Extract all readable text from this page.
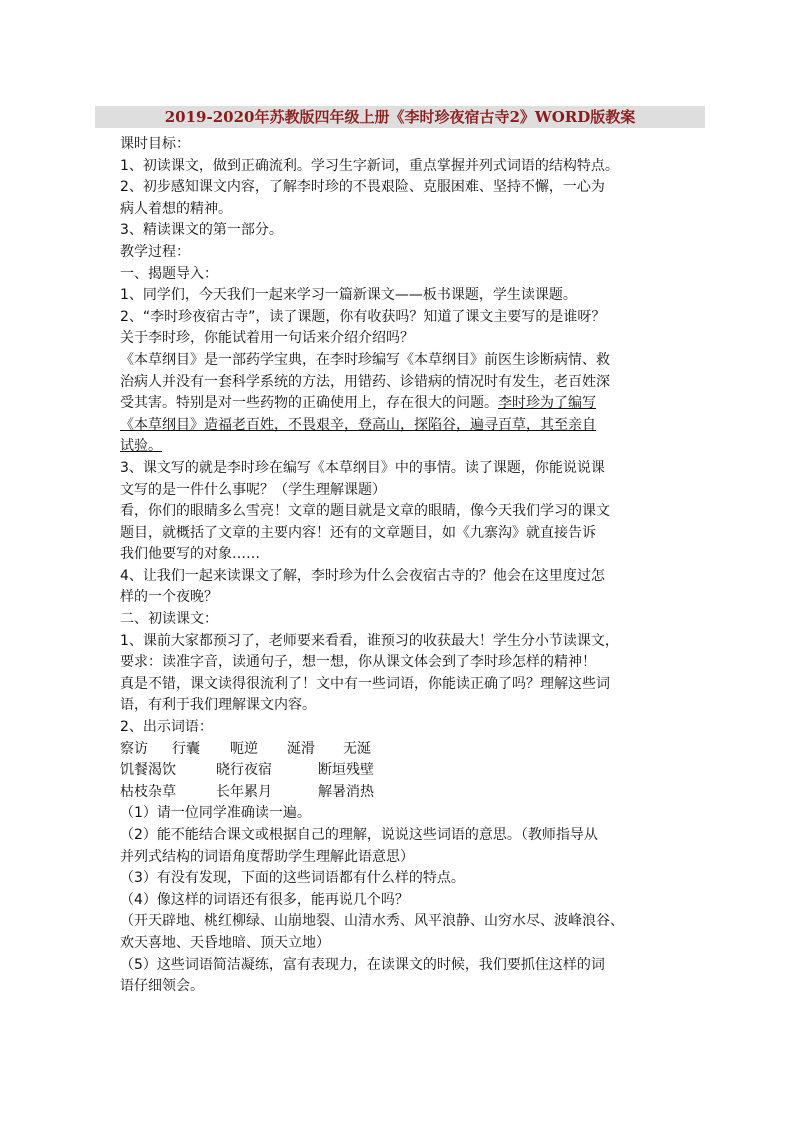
2019-2020年苏教版四年级上册《李时珍夜宿古寺2》WORD版教案

课时目标：

1、初读课文，做到正确流利。学习生字新词，重点掌握并列式词语的结构特点。

2、初步感知课文内容，了解李时珍的不畏艰险、克服困难、坚持不懈，一心为

病人着想的精神。

3、精读课文的第一部分。

教学过程：

一、揭题导入：

1、同学们，今天我们一起来学习一篇新课文——板书课题，学生读课题。

2、“李时珍夜宿古寺”，读了课题，你有收获吗？知道了课文主要写的是谁呀？

关于李时珍，你能试着用一句话来介绍介绍吗？

《本草纲目》是一部药学宝典，在李时珍编写《本草纲目》前医生诊断病情、救

治病人并没有一套科学系统的方法，用错药、诊错病的情况时有发生，老百姓深

受其害。特别是对一些药物的正确使用上，存在很大的问题。李时珍为了编写

《本草纲目》造福老百姓，不畏艰辛，登高山，探陷谷，遍寻百草，其至亲自

试验。

3、课文写的就是李时珍在编写《本草纲目》中的事情。读了课题，你能说说课

文写的是一件什么事呢？（学生理解课题）

看，你们的眼睛多么雪亮！文章的题目就是文章的眼睛，像今天我们学习的课文

题目，就概括了文章的主要内容！还有的文章题目，如《九寨沟》就直接告诉

我们他要写的对象……

4、让我们一起来读课文了解，李时珍为什么会夜宿古寺的？他会在这里度过怎

样的一个夜晚？

二、初读课文：

1、课前大家都预习了，老师要来看看，谁预习的收获最大！学生分小节读课文，

要求：读准字音，读通句子，想一想，你从课文体会到了李时珍怎样的精神！

真是不错，课文读得很流利了！文中有一些词语，你能读正确了吗？理解这些词

语，有利于我们理解课文内容。

2、出示词语：

察访 行囊 呃逆 涎滑 无涎

饥餐渴饮	晓行夜宿	断垣残壁

枯枝杂草	长年累月	解暑消热

（1）请一位同学准确读一遍。

（2）能不能结合课文或根据自己的理解，说说这些词语的意思。（教师指导从

并列式结构的词语角度帮助学生理解此语意思）

（3）有没有发现，下面的这些词语都有什么样的特点。

（4）像这样的词语还有很多，能再说几个吗？

（开天辟地、桃红柳绿、山崩地裂、山清水秀、风平浪静、山穷水尽、波峰浪谷、

欢天喜地、天昏地暗、顶天立地）

（5）这些词语简洁凝练，富有表现力，在读课文的时候，我们要抓住这样的词

语仔细领会。
